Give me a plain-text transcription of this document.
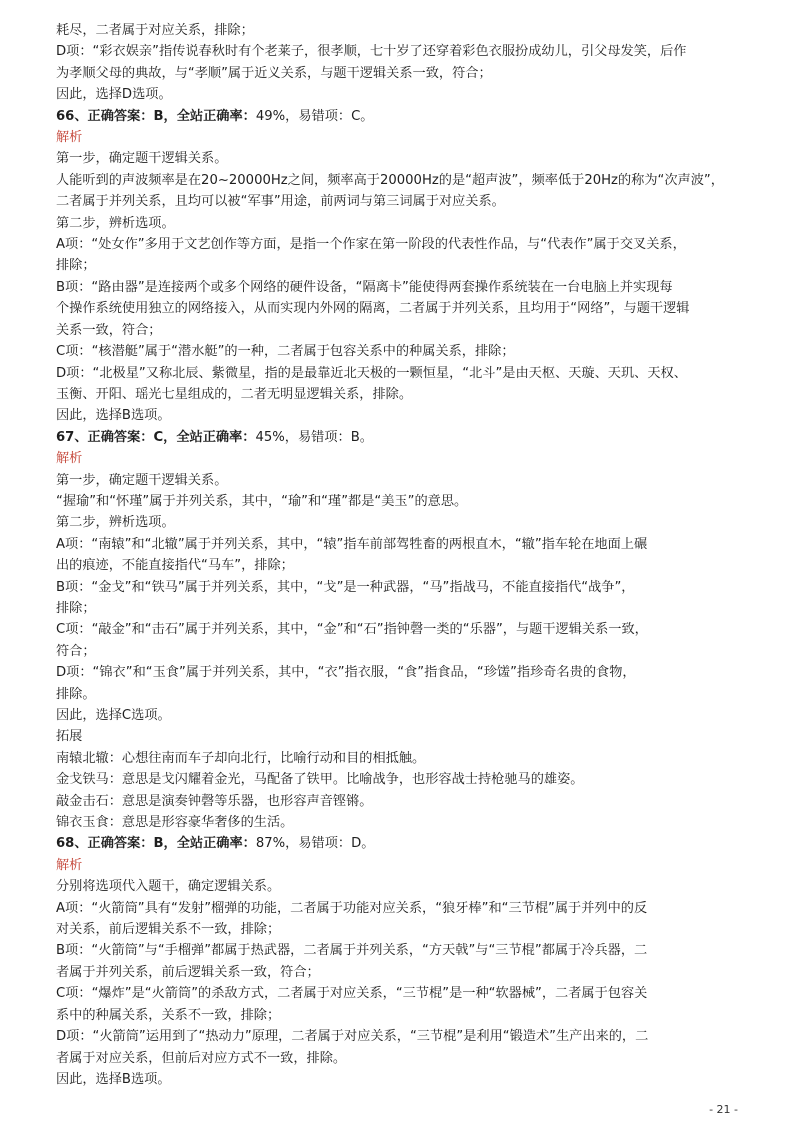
耗尽，二者属于对应关系，排除；
D项：“彩衣娱亲”指传说春秋时有个老莱子，很孝顺，七十岁了还穿着彩色衣服扮成幼儿，引父母发笑，后作
为孝顺父母的典故，与“孝顺”属于近义关系，与题干逻辑关系一致，符合；
因此，选择D选项。
66、正确答案：B，全站正确率：49%，易错项：C。
解析
第一步，确定题干逻辑关系。
人能听到的声波频率是在20~20000Hz之间，频率高于20000Hz的是“超声波”，频率低于20Hz的称为“次声波”，
二者属于并列关系，且均可以被“军事”用途，前两词与第三词属于对应关系。
第二步，辨析选项。
A项：“处女作”多用于文艺创作等方面，是指一个作家在第一阶段的代表性作品，与“代表作”属于交叉关系，
排除；
B项：“路由器”是连接两个或多个网络的硬件设备，“隔离卡”能使得两套操作系统装在一台电脑上并实现每
个操作系统使用独立的网络接入，从而实现内外网的隔离，二者属于并列关系，且均用于“网络”，与题干逻辑
关系一致，符合；
C项：“核潜艇”属于“潜水艇”的一种，二者属于包容关系中的种属关系，排除；
D项：“北极星”又称北辰、紫微星，指的是最靠近北天极的一颗恒星，“北斗”是由天枢、天璇、天玑、天权、
玉衡、开阳、瑶光七星组成的，二者无明显逻辑关系，排除。
因此，选择B选项。
67、正确答案：C，全站正确率：45%，易错项：B。
解析
第一步，确定题干逻辑关系。
“握瑜”和“怀瑾”属于并列关系，其中，“瑜”和“瑾”都是“美玉”的意思。
第二步，辨析选项。
A项：“南辕”和“北辙”属于并列关系，其中，“辕”指车前部驾牲畜的两根直木，“辙”指车轮在地面上碾
出的痕迹，不能直接指代“马车”，排除；
B项：“金戈”和“铁马”属于并列关系，其中，“戈”是一种武器，“马”指战马，不能直接指代“战争”，
排除；
C项：“敲金”和“击石”属于并列关系，其中，“金”和“石”指钟磬一类的“乐器”，与题干逻辑关系一致，
符合；
D项：“锦衣”和“玉食”属于并列关系，其中，“衣”指衣服，“食”指食品，“珍馐”指珍奇名贵的食物，
排除。
因此，选择C选项。
拓展
南辕北辙：心想往南而车子却向北行，比喻行动和目的相抵触。
金戈铁马：意思是戈闪耀着金光，马配备了铁甲。比喻战争，也形容战士持枪驰马的雄姿。
敲金击石：意思是演奏钟磬等乐器，也形容声音铿锵。
锦衣玉食：意思是形容豪华奢侈的生活。
68、正确答案：B，全站正确率：87%，易错项：D。
解析
分别将选项代入题干，确定逻辑关系。
A项：“火箭筒”具有“发射”榴弹的功能，二者属于功能对应关系，“狼牙棒”和“三节棍”属于并列中的反
对关系，前后逻辑关系不一致，排除；
B项：“火箭筒”与“手榴弹”都属于热武器，二者属于并列关系，“方天戟”与“三节棍”都属于冷兵器，二
者属于并列关系，前后逻辑关系一致，符合；
C项：“爆炸”是“火箭筒”的杀敌方式，二者属于对应关系，“三节棍”是一种“软器械”，二者属于包容关
系中的种属关系，关系不一致，排除；
D项：“火箭筒”运用到了“热动力”原理，二者属于对应关系，“三节棍”是利用“锻造术”生产出来的，二
者属于对应关系，但前后对应方式不一致，排除。
因此，选择B选项。
- 21 -
